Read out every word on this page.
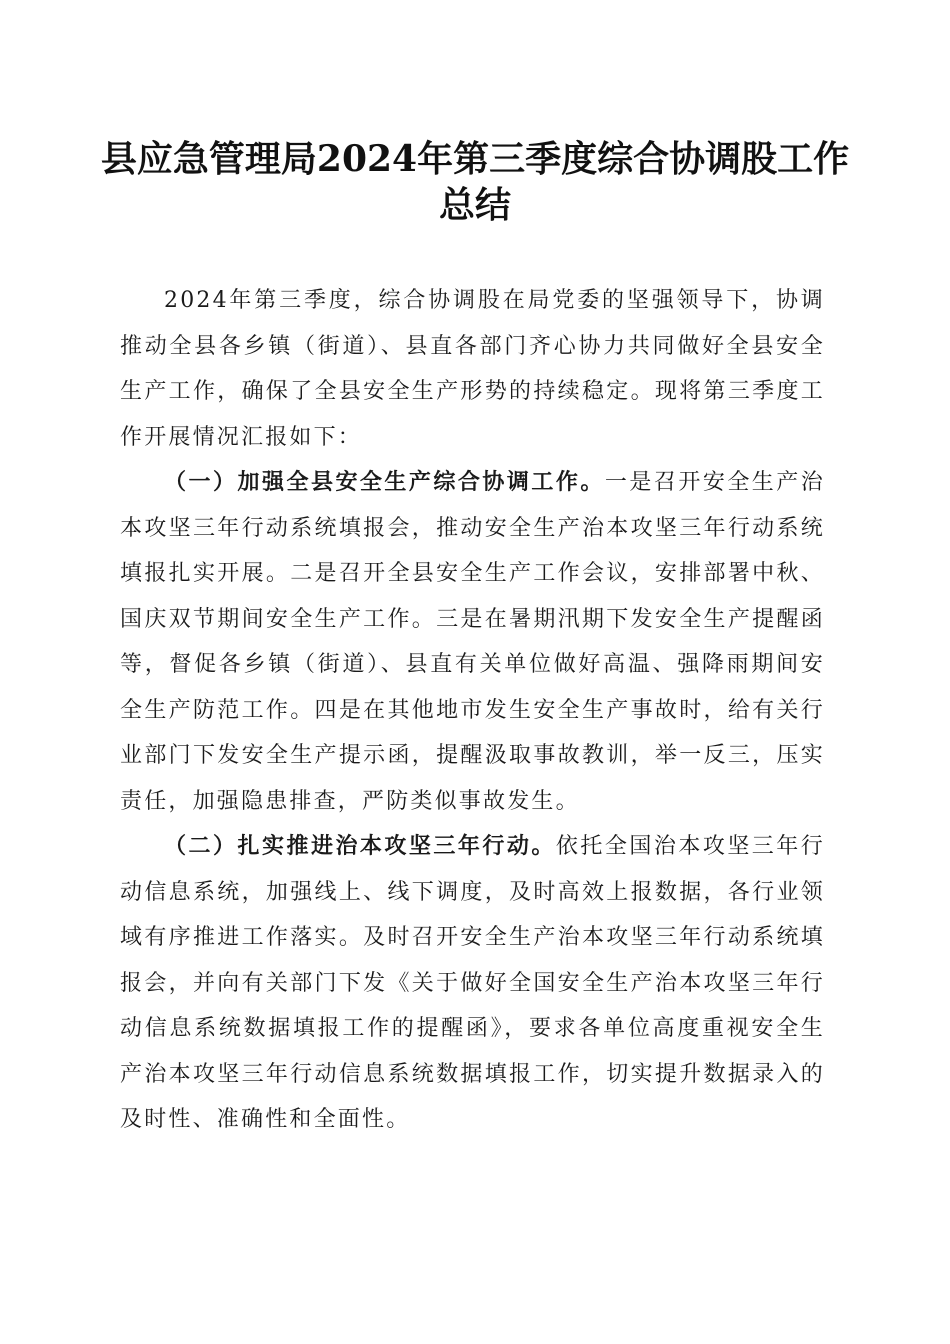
县应急管理局2024年第三季度综合协调股工作总结

2024年第三季度，综合协调股在局党委的坚强领导下，协调推动全县各乡镇（街道）、县直各部门齐心协力共同做好全县安全生产工作，确保了全县安全生产形势的持续稳定。现将第三季度工作开展情况汇报如下：

（一）加强全县安全生产综合协调工作。一是召开安全生产治本攻坚三年行动系统填报会，推动安全生产治本攻坚三年行动系统填报扎实开展。二是召开全县安全生产工作会议，安排部署中秋、国庆双节期间安全生产工作。三是在暑期汛期下发安全生产提醒函等，督促各乡镇（街道）、县直有关单位做好高温、强降雨期间安全生产防范工作。四是在其他地市发生安全生产事故时，给有关行业部门下发安全生产提示函，提醒汲取事故教训，举一反三，压实责任，加强隐患排查，严防类似事故发生。

（二）扎实推进治本攻坚三年行动。依托全国治本攻坚三年行动信息系统，加强线上、线下调度，及时高效上报数据，各行业领域有序推进工作落实。及时召开安全生产治本攻坚三年行动系统填报会，并向有关部门下发《关于做好全国安全生产治本攻坚三年行动信息系统数据填报工作的提醒函》，要求各单位高度重视安全生产治本攻坚三年行动信息系统数据填报工作，切实提升数据录入的及时性、准确性和全面性。
